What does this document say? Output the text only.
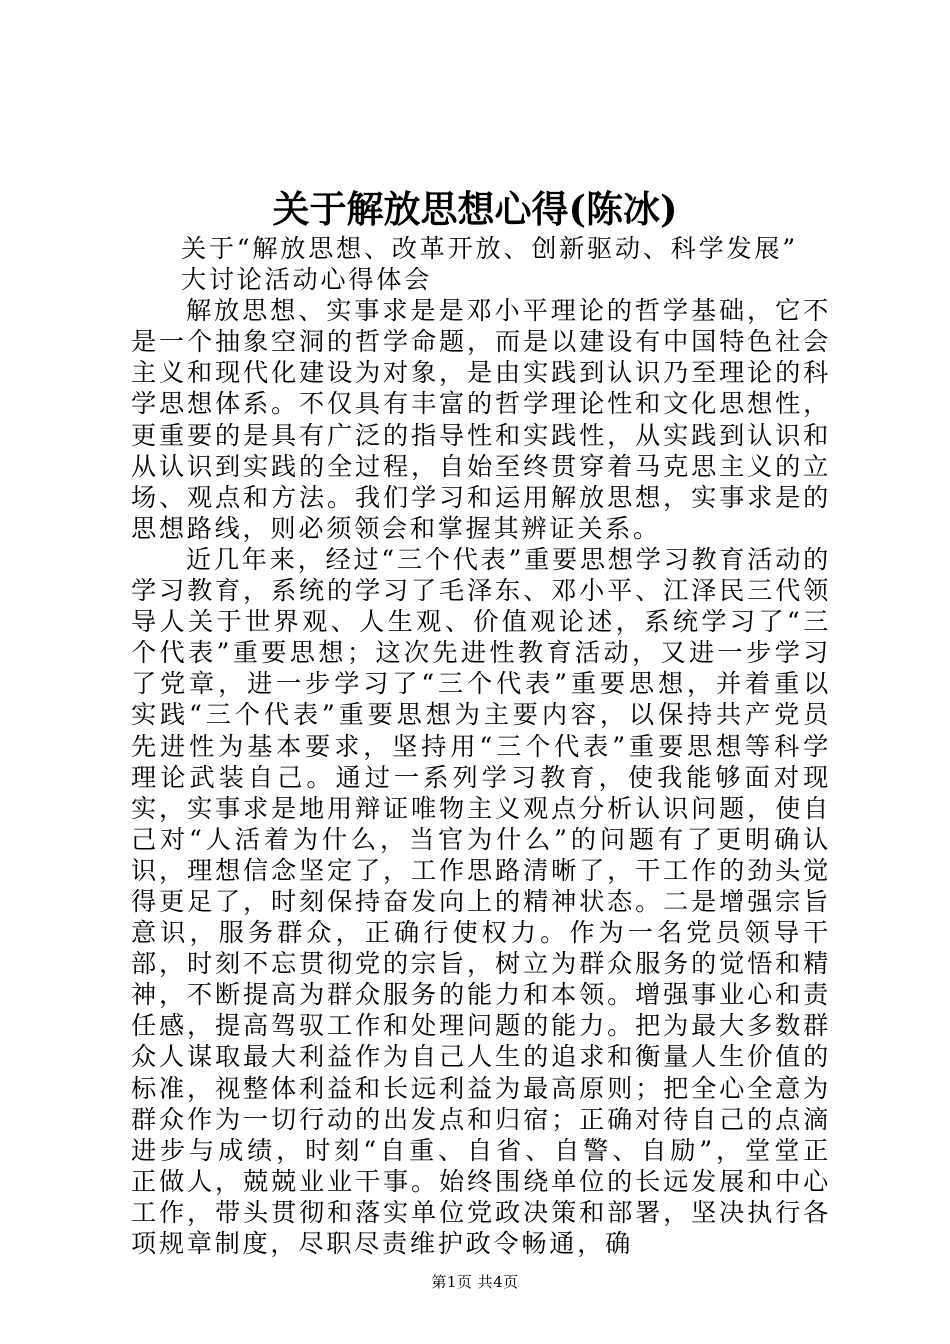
关于解放思想心得(陈冰)

关于“解放思想、改革开放、创新驱动、科学发展”

大讨论活动心得体会

解放思想、实事求是是邓小平理论的哲学基础，它不是一个抽象空洞的哲学命题，而是以建设有中国特色社会主义和现代化建设为对象，是由实践到认识乃至理论的科学思想体系。不仅具有丰富的哲学理论性和文化思想性，更重要的是具有广泛的指导性和实践性，从实践到认识和从认识到实践的全过程，自始至终贯穿着马克思主义的立场、观点和方法。我们学习和运用解放思想，实事求是的思想路线，则必须领会和掌握其辨证关系。

近几年来，经过“三个代表”重要思想学习教育活动的学习教育，系统的学习了毛泽东、邓小平、江泽民三代领导人关于世界观、人生观、价值观论述，系统学习了“三个代表”重要思想；这次先进性教育活动，又进一步学习了党章，进一步学习了“三个代表”重要思想，并着重以实践“三个代表”重要思想为主要内容，以保持共产党员先进性为基本要求，坚持用“三个代表”重要思想等科学理论武装自己。通过一系列学习教育，使我能够面对现实，实事求是地用辩证唯物主义观点分析认识问题，使自己对“人活着为什么，当官为什么”的问题有了更明确认识，理想信念坚定了，工作思路清晰了，干工作的劲头觉得更足了，时刻保持奋发向上的精神状态。二是增强宗旨意识，服务群众，正确行使权力。作为一名党员领导干部，时刻不忘贯彻党的宗旨，树立为群众服务的觉悟和精神，不断提高为群众服务的能力和本领。增强事业心和责任感，提高驾驭工作和处理问题的能力。把为最大多数群众人谋取最大利益作为自己人生的追求和衡量人生价值的标准，视整体利益和长远利益为最高原则；把全心全意为群众作为一切行动的出发点和归宿；正确对待自己的点滴进步与成绩，时刻“自重、自省、自警、自励”，堂堂正正做人，兢兢业业干事。始终围绕单位的长远发展和中心工作，带头贯彻和落实单位党政决策和部署，坚决执行各项规章制度，尽职尽责维护政令畅通，确

第1页 共4页
